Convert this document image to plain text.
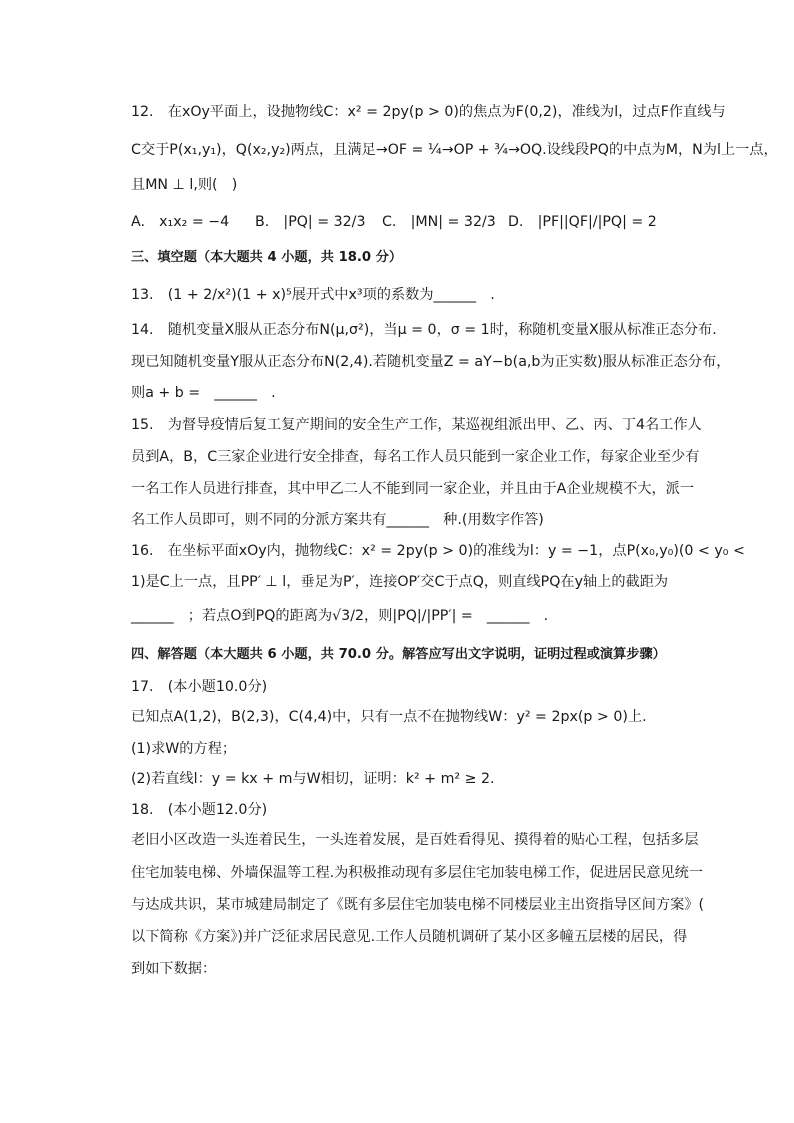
12.　在xOy平面上，设抛物线C：x² = 2py(p > 0)的焦点为F(0,2)，准线为l，过点F作直线与
C交于P(x₁,y₁)，Q(x₂,y₂)两点，且满足→OF = ¼→OP + ¾→OQ.设线段PQ的中点为M，N为l上一点，
且MN ⊥ l,则(　)
A.　x₁x₂ = −4 B.　|PQ| = 32/3 C.　|MN| = 32/3 D.　|PF||QF|/|PQ| = 2
三、填空题（本大题共 4 小题，共 18.0 分）
13.　(1 + 2/x²)(1 + x)⁵展开式中x³项的系数为______　.
14.　随机变量X服从正态分布N(μ,σ²)，当μ = 0，σ = 1时，称随机变量X服从标准正态分布.
现已知随机变量Y服从正态分布N(2,4).若随机变量Z = aY−b(a,b为正实数)服从标准正态分布，
则a + b =　______　.
15.　为督导疫情后复工复产期间的安全生产工作，某巡视组派出甲、乙、丙、丁4名工作人
员到A，B，C三家企业进行安全排查，每名工作人员只能到一家企业工作，每家企业至少有
一名工作人员进行排查，其中甲乙二人不能到同一家企业，并且由于A企业规模不大，派一
名工作人员即可，则不同的分派方案共有______　种.(用数字作答)
16.　在坐标平面xOy内，抛物线C：x² = 2py(p > 0)的准线为l：y = −1，点P(x₀,y₀)(0 < y₀ <
1)是C上一点，且PP′ ⊥ l，垂足为P′，连接OP′交C于点Q，则直线PQ在y轴上的截距为
______　；若点O到PQ的距离为√3/2，则|PQ|/|PP′| =　______　.
四、解答题（本大题共 6 小题，共 70.0 分。解答应写出文字说明，证明过程或演算步骤）
17.　(本小题10.0分)
已知点A(1,2)，B(2,3)，C(4,4)中，只有一点不在抛物线W：y² = 2px(p > 0)上.
(1)求W的方程；
(2)若直线l：y = kx + m与W相切，证明：k² + m² ≥ 2.
18.　(本小题12.0分)
老旧小区改造一头连着民生，一头连着发展，是百姓看得见、摸得着的贴心工程，包括多层
住宅加装电梯、外墙保温等工程.为积极推动现有多层住宅加装电梯工作，促进居民意见统一
与达成共识，某市城建局制定了《既有多层住宅加装电梯不同楼层业主出资指导区间方案》(
以下简称《方案》)并广泛征求居民意见.工作人员随机调研了某小区多幢五层楼的居民，得
到如下数据：
